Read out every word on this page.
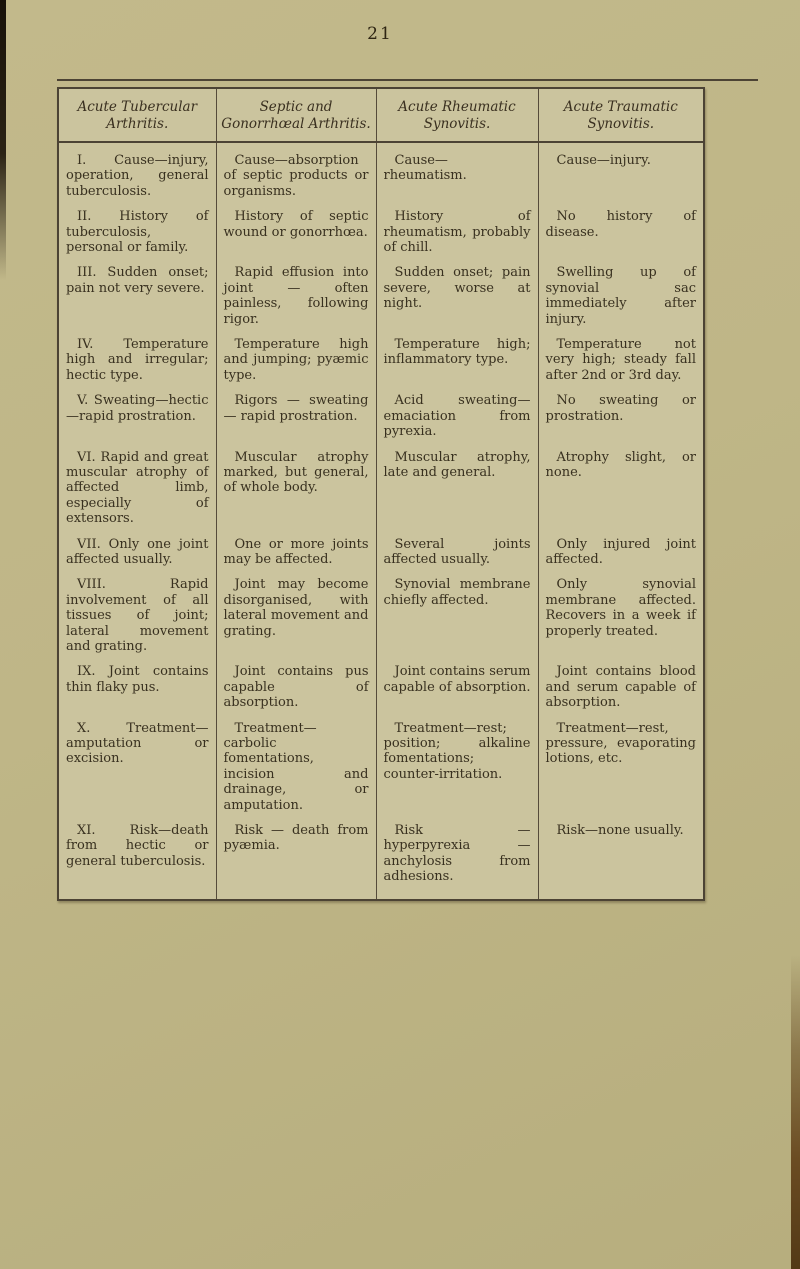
21
Acute Tubercular Arthritis.	Septic and Gonorrhœal Arthritis.	Acute Rheumatic Synovitis.	Acute Traumatic Synovitis.

I. Cause—injury, operation, general tuberculosis.	Cause—absorption of septic products or organisms.	Cause—rheumatism.	Cause—injury.

II. History of tuberculosis, personal or family.	History of septic wound or gonorrhœa.	History of rheumatism, probably of chill.	No history of disease.

III. Sudden onset; pain not very severe.	Rapid effusion into joint — often painless, following rigor.	Sudden onset; pain severe, worse at night.	Swelling up of synovial sac immediately after injury.

IV. Temperature high and irregular; hectic type.	Temperature high and jumping; pyæmic type.	Temperature high; inflammatory type.	Temperature not very high; steady fall after 2nd or 3rd day.

V. Sweating—hectic—rapid prostration.	Rigors — sweating — rapid prostration.	Acid sweating—emaciation from pyrexia.	No sweating or prostration.

VI. Rapid and great muscular atrophy of affected limb, especially of extensors.	Muscular atrophy marked, but general, of whole body.	Muscular atrophy, late and general.	Atrophy slight, or none.

VII. Only one joint affected usually.	One or more joints may be affected.	Several joints affected usually.	Only injured joint affected.

VIII. Rapid involvement of all tissues of joint; lateral movement and grating.	Joint may become disorganised, with lateral movement and grating.	Synovial membrane chiefly affected.	Only synovial membrane affected. Recovers in a week if properly treated.

IX. Joint contains thin flaky pus.	Joint contains pus capable of absorption.	Joint contains serum capable of absorption.	Joint contains blood and serum capable of absorption.

X. Treatment—amputation or excision.	Treatment—carbolic fomentations, incision and drainage, or amputation.	Treatment—rest; position; alkaline fomentations; counter-irritation.	Treatment—rest, pressure, evaporating lotions, etc.

XI. Risk—death from hectic or general tuberculosis.	Risk — death from pyæmia.	Risk — hyperpyrexia — anchylosis from adhesions.	Risk—none usually.
